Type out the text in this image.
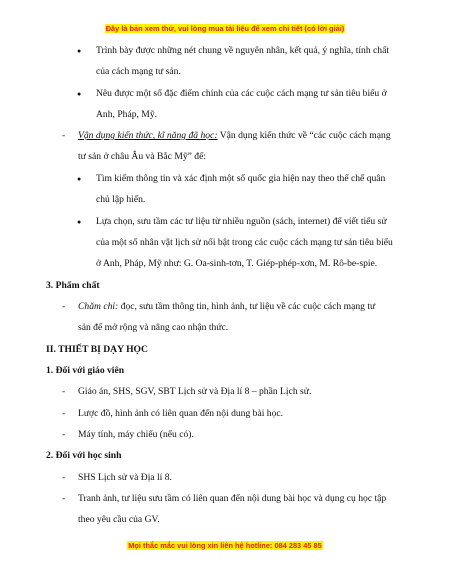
Đây là bản xem thử, vui lòng mua tài liệu để xem chi tiết (có lời giải)
● Trình bày được những nét chung về nguyên nhân, kết quả, ý nghĩa, tính chất
của cách mạng tư sản.
● Nêu được một số đặc điểm chính của các cuộc cách mạng tư sản tiêu biểu ở
Anh, Pháp, Mỹ.
- Vận dụng kiến thức, kĩ năng đã học: Vận dụng kiến thức về “các cuộc cách mạng
tư sản ở châu Âu và Bắc Mỹ” để:
● Tìm kiếm thông tin và xác định một số quốc gia hiện nay theo thể chế quân
chủ lập hiến.
● Lựa chọn, sưu tầm các tư liệu từ nhiều nguồn (sách, internet) để viết tiểu sử
của một số nhân vật lịch sử nổi bật trong các cuộc cách mạng tư sản tiêu biểu
ở Anh, Pháp, Mỹ như: G. Oa-sinh-tơn, T. Giép-phép-xơn, M. Rô-be-spie.
3. Phẩm chất
- Chăm chỉ: đọc, sưu tầm thông tin, hình ảnh, tư liệu về các cuộc cách mạng tư
sản để mở rộng và nâng cao nhận thức.
II. THIẾT BỊ DẠY HỌC
1. Đối với giáo viên
- Giáo án, SHS, SGV, SBT Lịch sử và Địa lí 8 – phần Lịch sử.
- Lược đồ, hình ảnh có liên quan đến nội dung bài học.
- Máy tính, máy chiếu (nếu có).
2. Đối với học sinh
- SHS Lịch sử và Địa lí 8.
- Tranh ảnh, tư liệu sưu tầm có liên quan đến nội dung bài học và dụng cụ học tập
theo yêu cầu của GV.
Mọi thắc mắc vui lòng xin liên hệ hotline: 084 283 45 85
